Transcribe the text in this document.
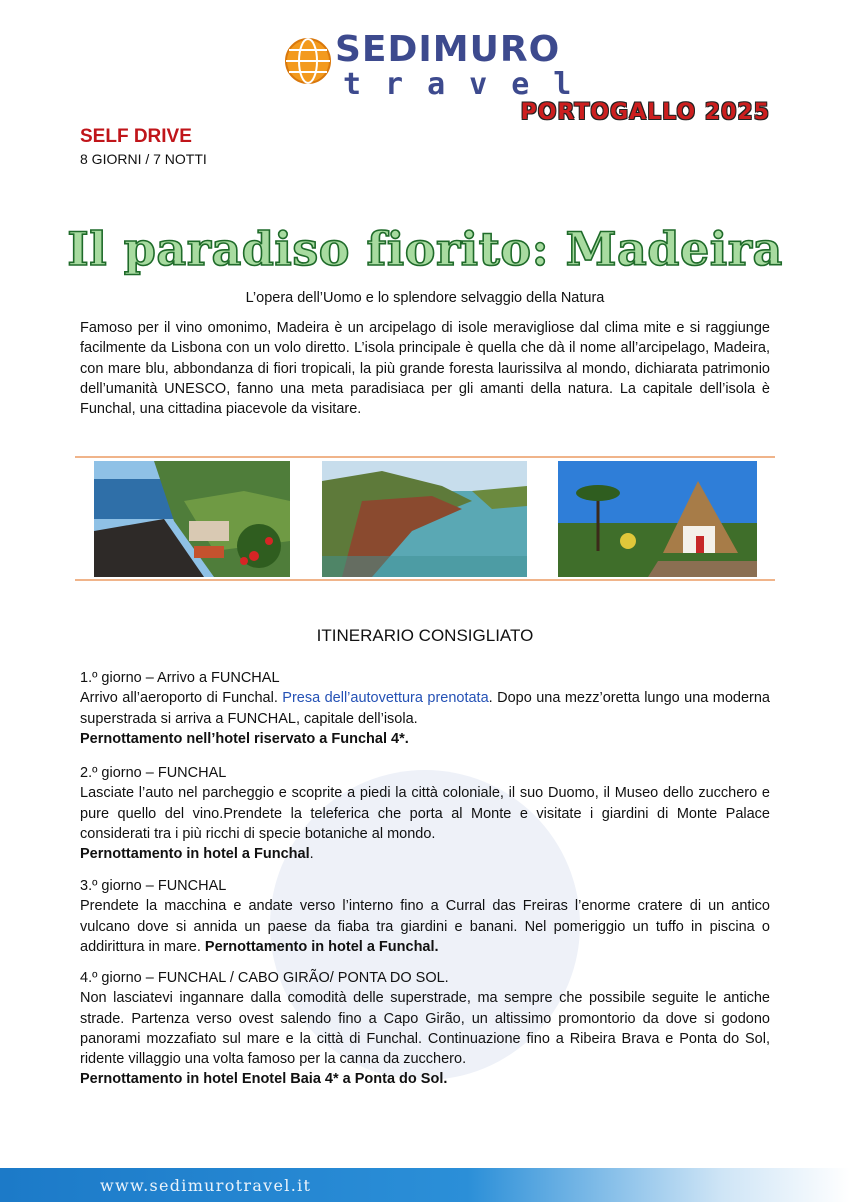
SEDIMURO
travel
PORTOGALLO 2025
SELF DRIVE
8 GIORNI / 7 NOTTI
Il paradiso fiorito: Madeira
L’opera dell’Uomo e lo splendore selvaggio della Natura
Famoso per il vino omonimo, Madeira è un arcipelago di isole meravigliose dal clima mite e si raggiunge facilmente da Lisbona con un volo diretto. L’isola principale è quella che dà il nome all’arcipelago, Madeira, con mare blu, abbondanza di fiori tropicali, la più grande foresta laurissilva al mondo, dichiarata patrimonio dell’umanità UNESCO, fanno una meta paradisiaca per gli amanti della natura. La capitale dell’isola è Funchal, una cittadina piacevole da visitare.
ITINERARIO CONSIGLIATO
1.º giorno – Arrivo a FUNCHAL
Arrivo all’aeroporto di Funchal. Presa dell’autovettura prenotata. Dopo una mezz’oretta lungo una moderna superstrada si arriva a FUNCHAL, capitale dell’isola.
Pernottamento nell’hotel riservato a Funchal 4*.
2.º giorno – FUNCHAL
Lasciate l’auto nel parcheggio e scoprite a piedi la città coloniale, il suo Duomo, il Museo dello zucchero e pure quello del vino.Prendete la teleferica che porta al Monte e visitate i giardini di Monte Palace considerati tra i più ricchi di specie botaniche al mondo.
Pernottamento in hotel a Funchal.
3.º giorno – FUNCHAL
Prendete la macchina e andate verso l’interno fino a Curral das Freiras l’enorme cratere di un antico vulcano dove si annida un paese da fiaba tra giardini e banani. Nel pomeriggio un tuffo in piscina o addirittura in mare. Pernottamento in hotel a Funchal.
4.º giorno – FUNCHAL / CABO GIRÃO/ PONTA DO SOL.
Non lasciatevi ingannare dalla comodità delle superstrade, ma sempre che possibile seguite le antiche strade. Partenza verso ovest salendo fino a Capo Girão, un altissimo promontorio da dove si godono panorami mozzafiato sul mare e la città di Funchal. Continuazione fino a Ribeira Brava e Ponta do Sol, ridente villaggio una volta famoso per la canna da zucchero.
Pernottamento in hotel Enotel Baia 4* a Ponta do Sol.
www.sedimurotravel.it
